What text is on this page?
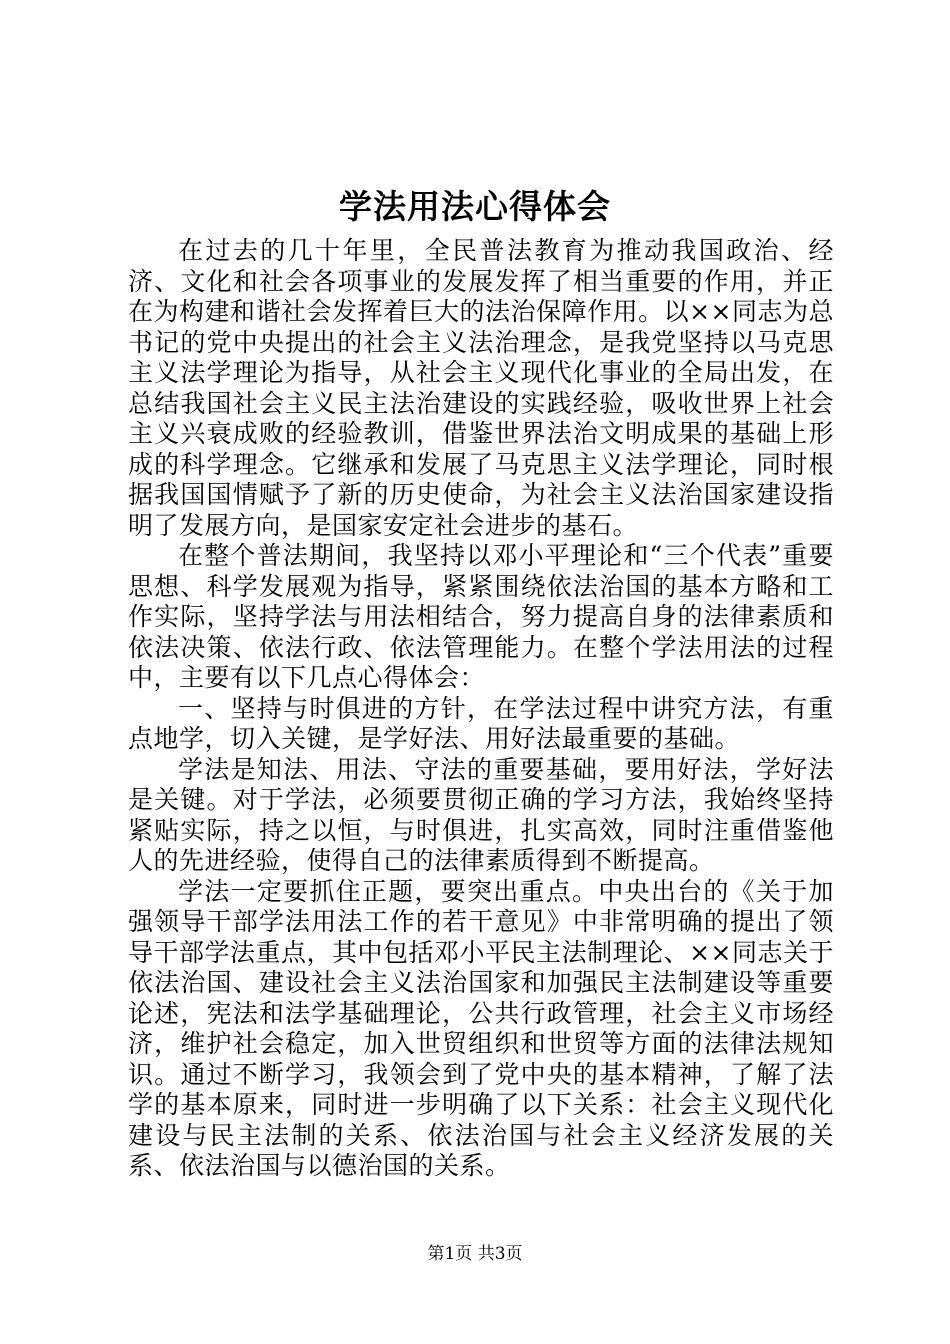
学法用法心得体会

在过去的几十年里，全民普法教育为推动我国政治、经济、文化和社会各项事业的发展发挥了相当重要的作用，并正在为构建和谐社会发挥着巨大的法治保障作用。以××同志为总书记的党中央提出的社会主义法治理念，是我党坚持以马克思主义法学理论为指导，从社会主义现代化事业的全局出发，在总结我国社会主义民主法治建设的实践经验，吸收世界上社会主义兴衰成败的经验教训，借鉴世界法治文明成果的基础上形成的科学理念。它继承和发展了马克思主义法学理论，同时根据我国国情赋予了新的历史使命，为社会主义法治国家建设指明了发展方向，是国家安定社会进步的基石。

在整个普法期间，我坚持以邓小平理论和“三个代表”重要思想、科学发展观为指导，紧紧围绕依法治国的基本方略和工作实际，坚持学法与用法相结合，努力提高自身的法律素质和依法决策、依法行政、依法管理能力。在整个学法用法的过程中，主要有以下几点心得体会：

一、坚持与时俱进的方针，在学法过程中讲究方法，有重点地学，切入关键，是学好法、用好法最重要的基础。

学法是知法、用法、守法的重要基础，要用好法，学好法是关键。对于学法，必须要贯彻正确的学习方法，我始终坚持紧贴实际，持之以恒，与时俱进，扎实高效，同时注重借鉴他人的先进经验，使得自己的法律素质得到不断提高。

学法一定要抓住正题，要突出重点。中央出台的《关于加强领导干部学法用法工作的若干意见》中非常明确的提出了领导干部学法重点，其中包括邓小平民主法制理论、××同志关于依法治国、建设社会主义法治国家和加强民主法制建设等重要论述，宪法和法学基础理论，公共行政管理，社会主义市场经济，维护社会稳定，加入世贸组织和世贸等方面的法律法规知识。通过不断学习，我领会到了党中央的基本精神，了解了法学的基本原来，同时进一步明确了以下关系：社会主义现代化建设与民主法制的关系、依法治国与社会主义经济发展的关系、依法治国与以德治国的关系。

第1页 共3页
